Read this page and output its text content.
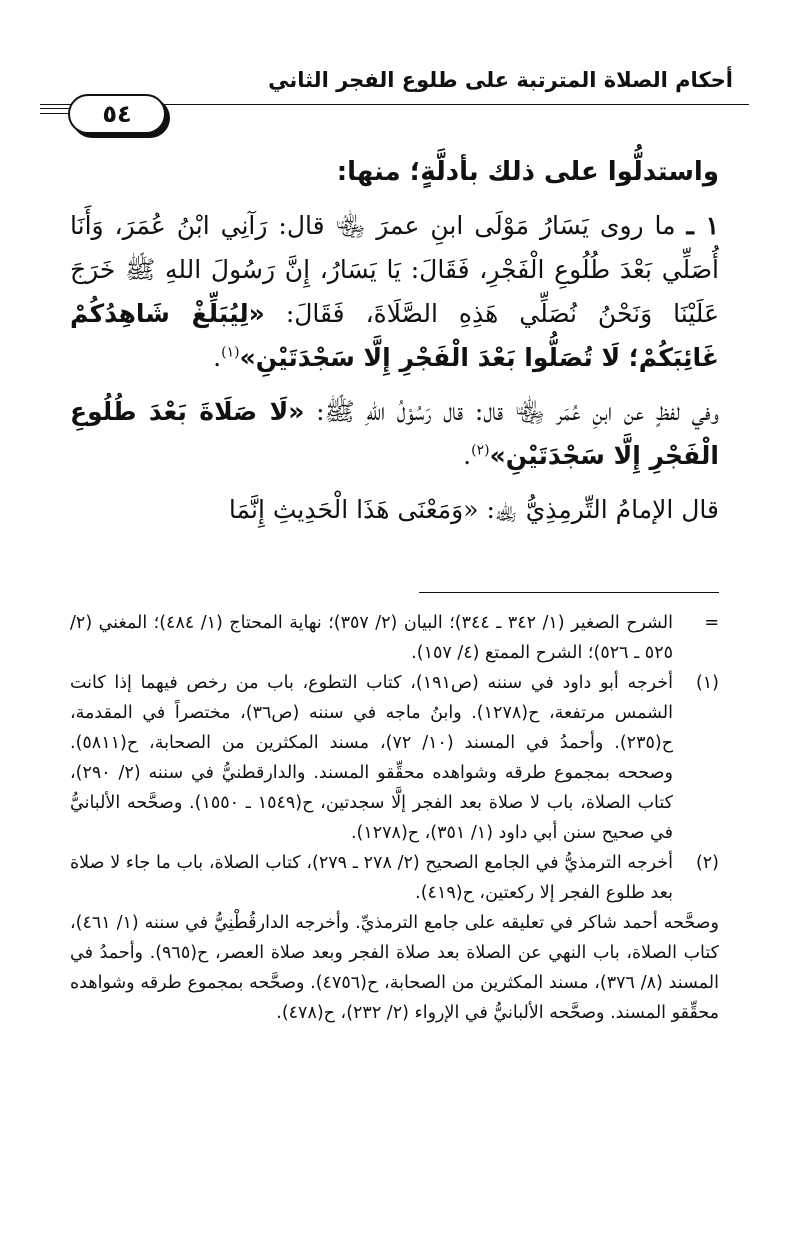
أحكام الصلاة المترتبة على طلوع الفجر الثاني
٥٤

واستدلُّوا على ذلك بأدلَّةٍ؛ منها:

١ ـ ما روى يَسَارُ مَوْلَى ابنِ عمرَ ﵄ قال: رَآنِي ابْنُ عُمَرَ، وَأَنَا أُصَلِّي بَعْدَ طُلُوعِ الْفَجْرِ، فَقَالَ: يَا يَسَارُ، إِنَّ رَسُولَ اللهِ ﷺ خَرَجَ عَلَيْنَا وَنَحْنُ نُصَلِّي هَذِهِ الصَّلَاةَ، فَقَالَ: «لِيُبَلِّغْ شَاهِدُكُمْ غَائِبَكُمْ؛ لَا تُصَلُّوا بَعْدَ الْفَجْرِ إِلَّا سَجْدَتَيْنِ»$^{(١)}$.

وفي لفظٍ عن ابنِ عُمَر ﵄ قال: قال رَسُوْلُ اللهِ ﷺ: «لَا صَلَاةَ بَعْدَ طُلُوعِ الْفَجْرِ إِلَّا سَجْدَتَيْنِ»$^{(٢)}$.

قال الإمامُ التِّرمِذِيُّ ﵀: «وَمَعْنَى هَذَا الْحَدِيثِ إِنَّمَا

=
الشرح الصغير (١/ ٣٤٢ ـ ٣٤٤)؛ البيان (٢/ ٣٥٧)؛ نهاية المحتاج (١/ ٤٨٤)؛ المغني (٢/ ٥٢٥ ـ ٥٢٦)؛ الشرح الممتع (٤/ ١٥٧).
(١)
أخرجه أبو داود في سننه (ص١٩١)، كتاب التطوع، باب من رخص فيهما إذا كانت الشمس مرتفعة، ح(١٢٧٨). وابنُ ماجه في سننه (ص٣٦)، مختصراً في المقدمة، ح(٢٣٥). وأحمدُ في المسند (١٠/ ٧٢)، مسند المكثرين من الصحابة، ح(٥٨١١). وصححه بمجموع طرقه وشواهده محقِّقو المسند. والدارقطنيُّ في سننه (٢/ ٢٩٠)، كتاب الصلاة، باب لا صلاة بعد الفجر إلَّا سجدتين، ح(١٥٤٩ ـ ١٥٥٠). وصحَّحه الألبانيُّ في صحيح سنن أبي داود (١/ ٣٥١)، ح(١٢٧٨).
(٢)
أخرجه الترمذيُّ في الجامع الصحيح (٢/ ٢٧٨ ـ ٢٧٩)، كتاب الصلاة، باب ما جاء لا صلاة بعد طلوع الفجر إلا ركعتين، ح(٤١٩).

وصحَّحه أحمد شاكر في تعليقه على جامع الترمذيِّ. وأخرجه الدارقُطْنِيُّ في سننه (١/ ٤٦١)، كتاب الصلاة، باب النهي عن الصلاة بعد صلاة الفجر وبعد صلاة العصر، ح(٩٦٥). وأحمدُ في المسند (٨/ ٣٧٦)، مسند المكثرين من الصحابة، ح(٤٧٥٦). وصحَّحه بمجموع طرقه وشواهده محقِّقو المسند. وصحَّحه الألبانيُّ في الإرواء (٢/ ٢٣٢)، ح(٤٧٨).
